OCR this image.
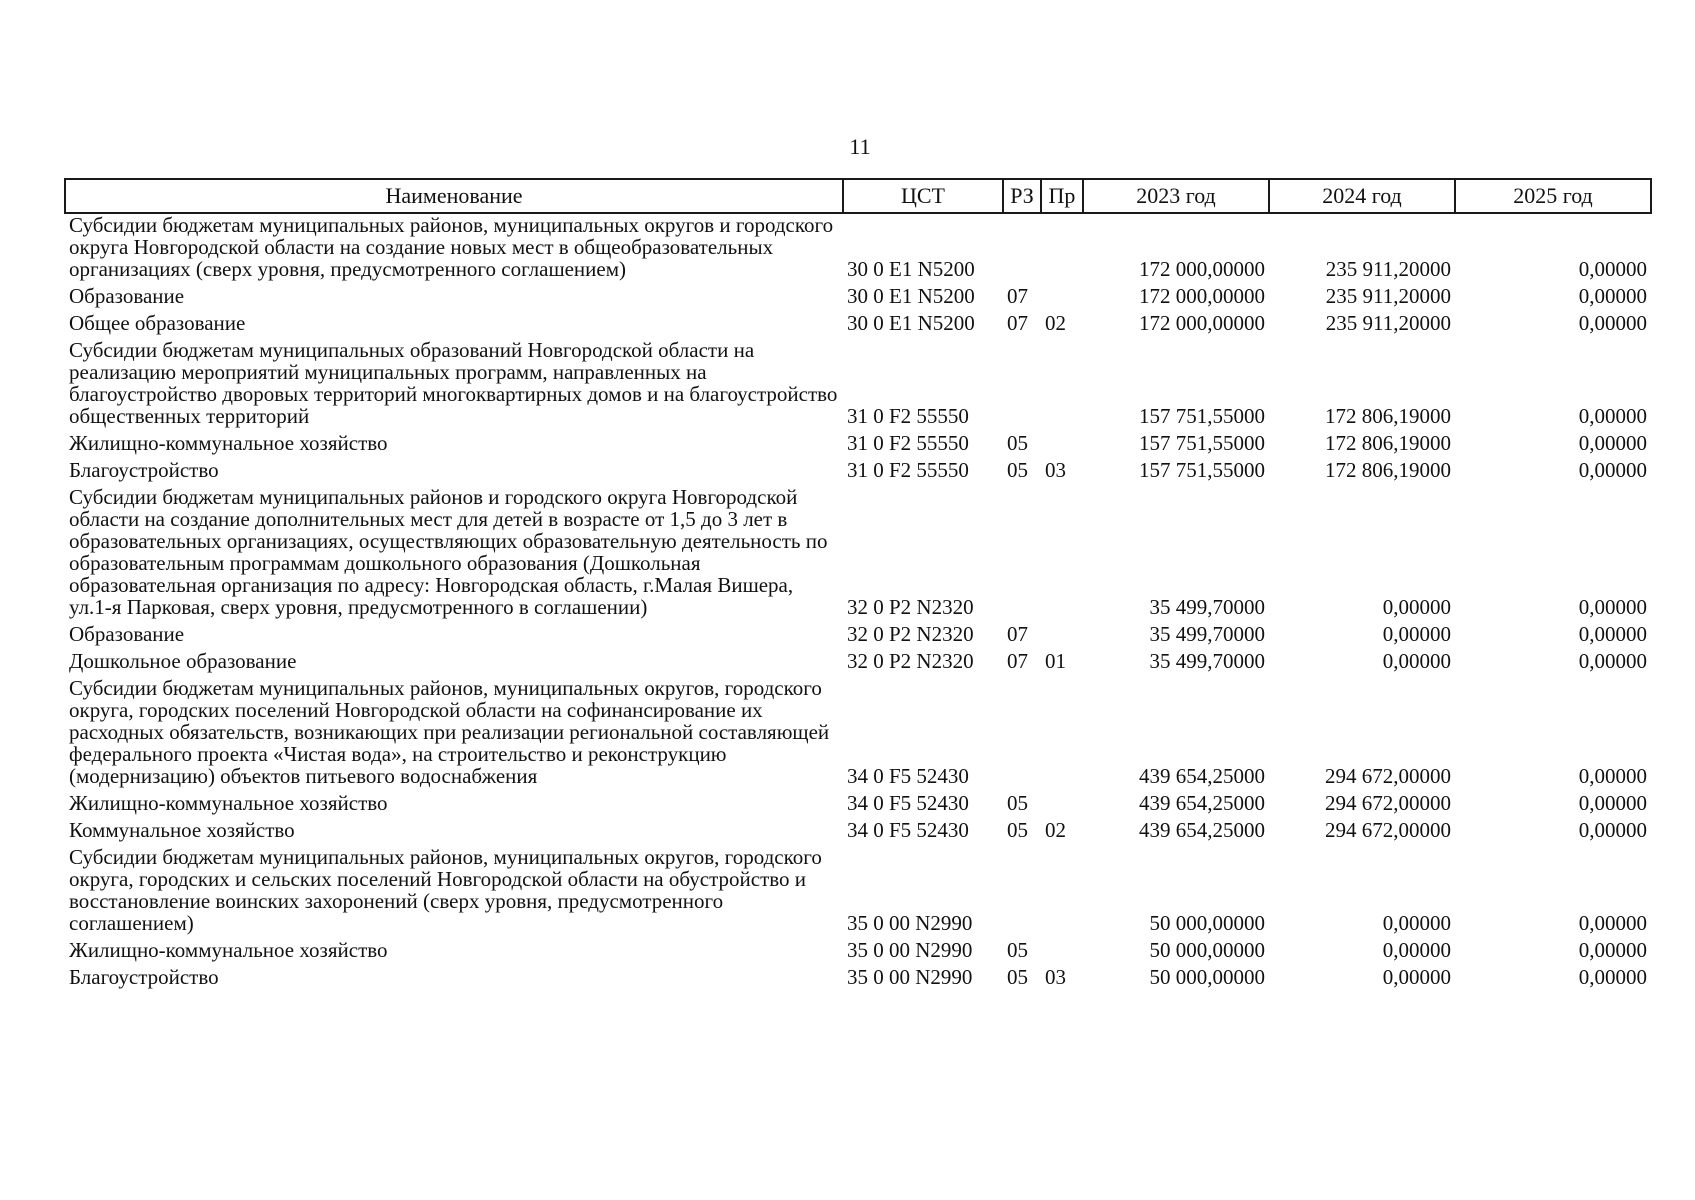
11
Наименование	ЦСТ	РЗ	Пр	2023 год	2024 год	2025 год
Субсидии бюджетам муниципальных районов, муниципальных округов и городского округа Новгородской области на создание новых мест в общеобразовательных организациях (сверх уровня, предусмотренного соглашением)	30 0 E1 N5200			172 000,00000	235 911,20000	0,00000
Образование	30 0 E1 N5200	07		172 000,00000	235 911,20000	0,00000
Общее образование	30 0 E1 N5200	07	02	172 000,00000	235 911,20000	0,00000
Субсидии бюджетам муниципальных образований Новгородской области на реализацию мероприятий муниципальных программ, направленных на благоустройство дворовых территорий многоквартирных домов и на благоустройство общественных территорий	31 0 F2 55550			157 751,55000	172 806,19000	0,00000
Жилищно-коммунальное хозяйство	31 0 F2 55550	05		157 751,55000	172 806,19000	0,00000
Благоустройство	31 0 F2 55550	05	03	157 751,55000	172 806,19000	0,00000
Субсидии бюджетам муниципальных районов и городского округа Новгородской области на создание дополнительных мест для детей в возрасте от 1,5 до 3 лет в образовательных организациях, осуществляющих образовательную деятельность по образовательным программам дошкольного образования (Дошкольная образовательная организация по адресу: Новгородская область, г.Малая Вишера, ул.1-я Парковая, сверх уровня, предусмотренного в соглашении)	32 0 P2 N2320			35 499,70000	0,00000	0,00000
Образование	32 0 P2 N2320	07		35 499,70000	0,00000	0,00000
Дошкольное образование	32 0 P2 N2320	07	01	35 499,70000	0,00000	0,00000
Субсидии бюджетам муниципальных районов, муниципальных округов, городского округа, городских поселений Новгородской области на софинансирование их расходных обязательств, возникающих при реализации региональной составляющей федерального проекта «Чистая вода», на строительство и реконструкцию (модернизацию) объектов питьевого водоснабжения	34 0 F5 52430			439 654,25000	294 672,00000	0,00000
Жилищно-коммунальное хозяйство	34 0 F5 52430	05		439 654,25000	294 672,00000	0,00000
Коммунальное хозяйство	34 0 F5 52430	05	02	439 654,25000	294 672,00000	0,00000
Субсидии бюджетам муниципальных районов, муниципальных округов, городского округа, городских и сельских поселений Новгородской области на обустройство и восстановление воинских захоронений (сверх уровня, предусмотренного соглашением)	35 0 00 N2990			50 000,00000	0,00000	0,00000
Жилищно-коммунальное хозяйство	35 0 00 N2990	05		50 000,00000	0,00000	0,00000
Благоустройство	35 0 00 N2990	05	03	50 000,00000	0,00000	0,00000
